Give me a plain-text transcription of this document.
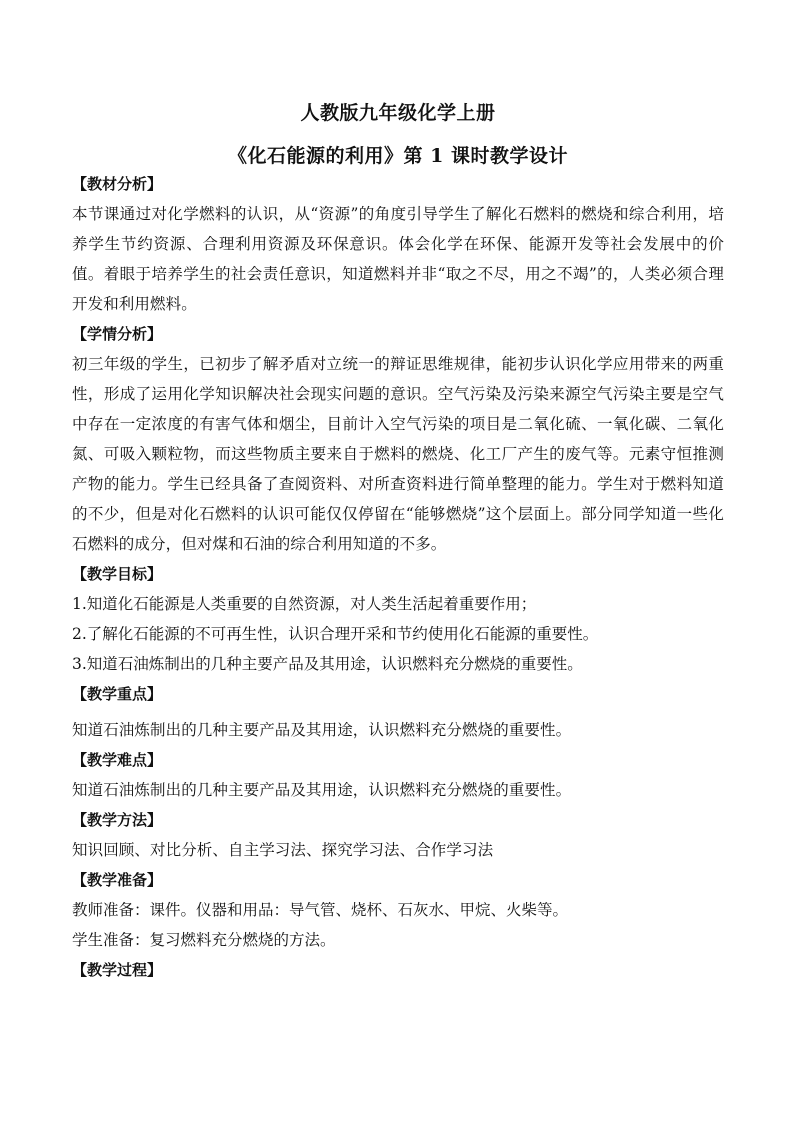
人教版九年级化学上册
《化石能源的利用》第 1 课时教学设计
【教材分析】

本节课通过对化学燃料的认识，从“资源”的角度引导学生了解化石燃料的燃烧和综合利用，培养学生节约资源、合理利用资源及环保意识。体会化学在环保、能源开发等社会发展中的价值。着眼于培养学生的社会责任意识，知道燃料并非“取之不尽，用之不竭”的，人类必须合理开发和利用燃料。

【学情分析】

初三年级的学生，已初步了解矛盾对立统一的辩证思维规律，能初步认识化学应用带来的两重性，形成了运用化学知识解决社会现实问题的意识。空气污染及污染来源空气污染主要是空气中存在一定浓度的有害气体和烟尘，目前计入空气污染的项目是二氧化硫、一氧化碳、二氧化氮、可吸入颗粒物，而这些物质主要来自于燃料的燃烧、化工厂产生的废气等。元素守恒推测产物的能力。学生已经具备了查阅资料、对所查资料进行简单整理的能力。学生对于燃料知道的不少，但是对化石燃料的认识可能仅仅停留在“能够燃烧”这个层面上。部分同学知道一些化石燃料的成分，但对煤和石油的综合利用知道的不多。

【教学目标】

1.知道化石能源是人类重要的自然资源，对人类生活起着重要作用；

2.了解化石能源的不可再生性，认识合理开采和节约使用化石能源的重要性。

3.知道石油炼制出的几种主要产品及其用途，认识燃料充分燃烧的重要性。

【教学重点】

知道石油炼制出的几种主要产品及其用途，认识燃料充分燃烧的重要性。

【教学难点】

知道石油炼制出的几种主要产品及其用途，认识燃料充分燃烧的重要性。

【教学方法】

知识回顾、对比分析、自主学习法、探究学习法、合作学习法

【教学准备】

教师准备：课件。仪器和用品：导气管、烧杯、石灰水、甲烷、火柴等。

学生准备：复习燃料充分燃烧的方法。

【教学过程】
